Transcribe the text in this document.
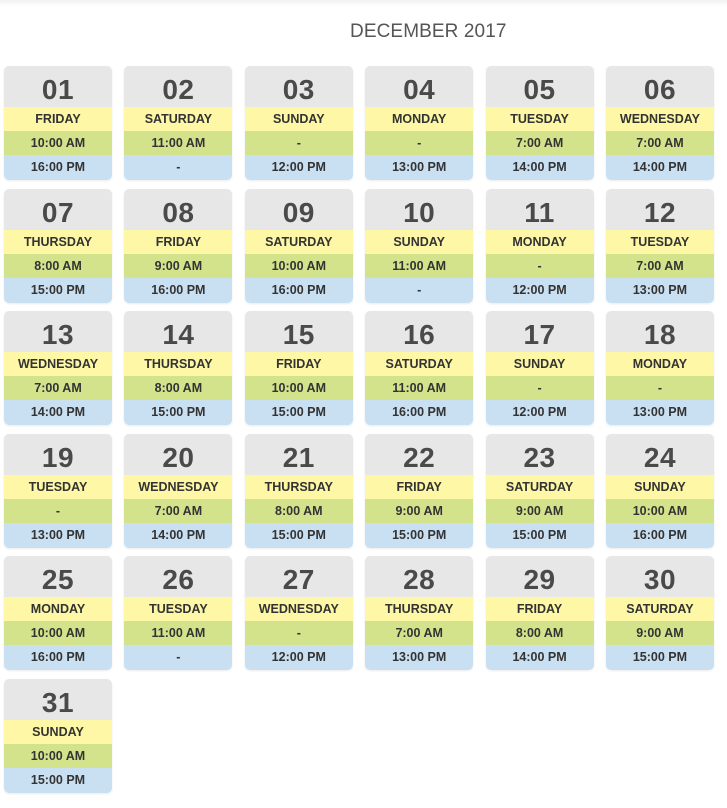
DECEMBER 2017
01
FRIDAY
10:00 AM
16:00 PM
02
SATURDAY
11:00 AM
-
03
SUNDAY
-
12:00 PM
04
MONDAY
-
13:00 PM
05
TUESDAY
7:00 AM
14:00 PM
06
WEDNESDAY
7:00 AM
14:00 PM
07
THURSDAY
8:00 AM
15:00 PM
08
FRIDAY
9:00 AM
16:00 PM
09
SATURDAY
10:00 AM
16:00 PM
10
SUNDAY
11:00 AM
-
11
MONDAY
-
12:00 PM
12
TUESDAY
7:00 AM
13:00 PM
13
WEDNESDAY
7:00 AM
14:00 PM
14
THURSDAY
8:00 AM
15:00 PM
15
FRIDAY
10:00 AM
15:00 PM
16
SATURDAY
11:00 AM
16:00 PM
17
SUNDAY
-
12:00 PM
18
MONDAY
-
13:00 PM
19
TUESDAY
-
13:00 PM
20
WEDNESDAY
7:00 AM
14:00 PM
21
THURSDAY
8:00 AM
15:00 PM
22
FRIDAY
9:00 AM
15:00 PM
23
SATURDAY
9:00 AM
15:00 PM
24
SUNDAY
10:00 AM
16:00 PM
25
MONDAY
10:00 AM
16:00 PM
26
TUESDAY
11:00 AM
-
27
WEDNESDAY
-
12:00 PM
28
THURSDAY
7:00 AM
13:00 PM
29
FRIDAY
8:00 AM
14:00 PM
30
SATURDAY
9:00 AM
15:00 PM
31
SUNDAY
10:00 AM
15:00 PM
